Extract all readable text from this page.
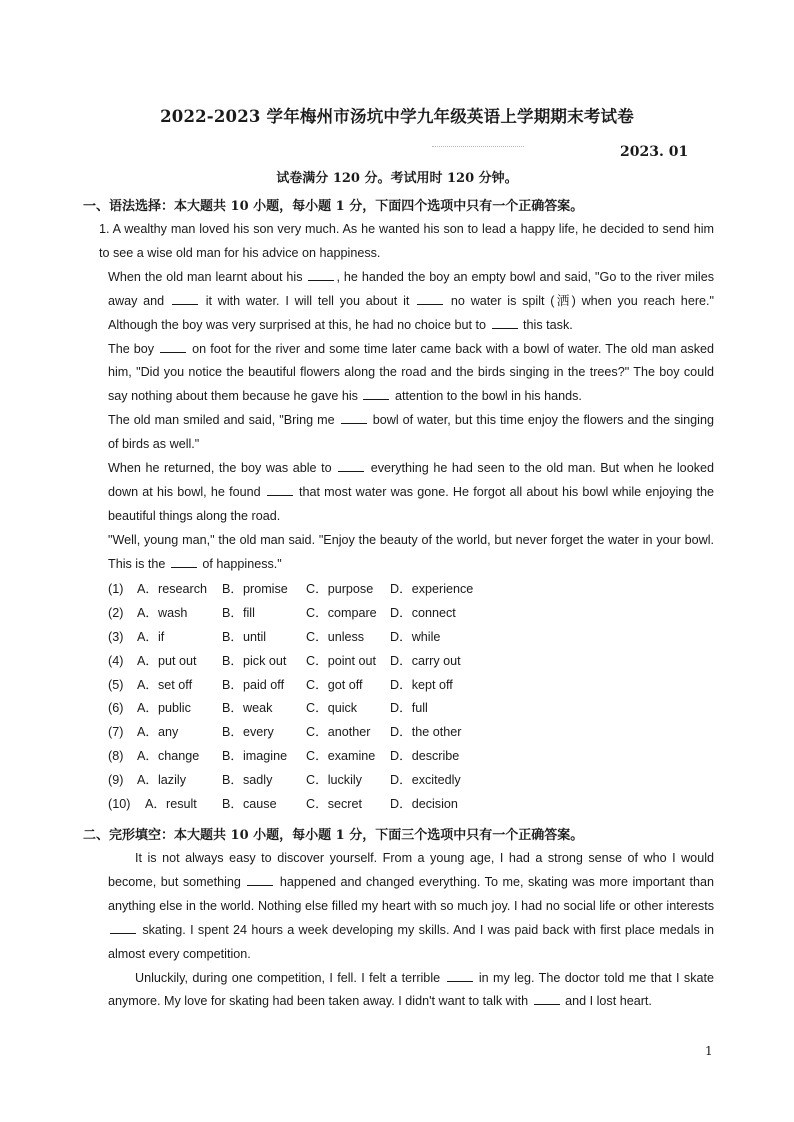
2022-2023 学年梅州市汤坑中学九年级英语上学期期末考试卷
2023. 01
试卷满分 120 分。考试用时 120 分钟。
一、语法选择：本大题共 10 小题，每小题 1 分，下面四个选项中只有一个正确答案。

1. A wealthy man loved his son very much. As he wanted his son to lead a happy life, he decided to send him to see a wise old man for his advice on happiness.

When the old man learnt about his , he handed the boy an empty bowl and said, "Go to the river miles away and  it with water. I will tell you about it  no water is spilt (洒) when you reach here." Although the boy was very surprised at this, he had no choice but to  this task.

The boy  on foot for the river and some time later came back with a bowl of water. The old man asked him, "Did you notice the beautiful flowers along the road and the birds singing in the trees?" The boy could say nothing about them because he gave his  attention to the bowl in his hands.

The old man smiled and said, "Bring me  bowl of water, but this time enjoy the flowers and the singing of birds as well."

When he returned, the boy was able to  everything he had seen to the old man. But when he looked down at his bowl, he found  that most water was gone. He forgot all about his bowl while enjoying the beautiful things along the road.

"Well, young man," the old man said. "Enjoy the beauty of the world, but never forget the water in your bowl. This is the  of happiness."

(1) A．research B．promise C．purpose D．experience
(2) A．wash	B．fill	C．compare D．connect
(3) A．if	B．until	C．unless D．while
(4) A．put out B．pick out C．point out D．carry out
(5) A．set off B．paid off C．got off D．kept off
(6) A．public B．weak	C．quick	D．full
(7) A．any	B．every	C．another D．the other
(8) A．change B．imagine C．examine D．describe
(9) A．lazily	B．sadly	C．luckily D．excitedly
(10) A．result B．cause C．secret D．decision
二、完形填空：本大题共 10 小题，每小题 1 分，下面三个选项中只有一个正确答案。

It is not always easy to discover yourself. From a young age, I had a strong sense of who I would become, but something  happened and changed everything. To me, skating was more important than anything else in the world. Nothing else filled my heart with so much joy. I had no social life or other interests  skating. I spent 24 hours a week developing my skills. And I was paid back with first place medals in almost every competition.

Unluckily, during one competition, I fell. I felt a terrible  in my leg. The doctor told me that I skate anymore. My love for skating had been taken away. I didn't want to talk with  and I lost heart.

1
